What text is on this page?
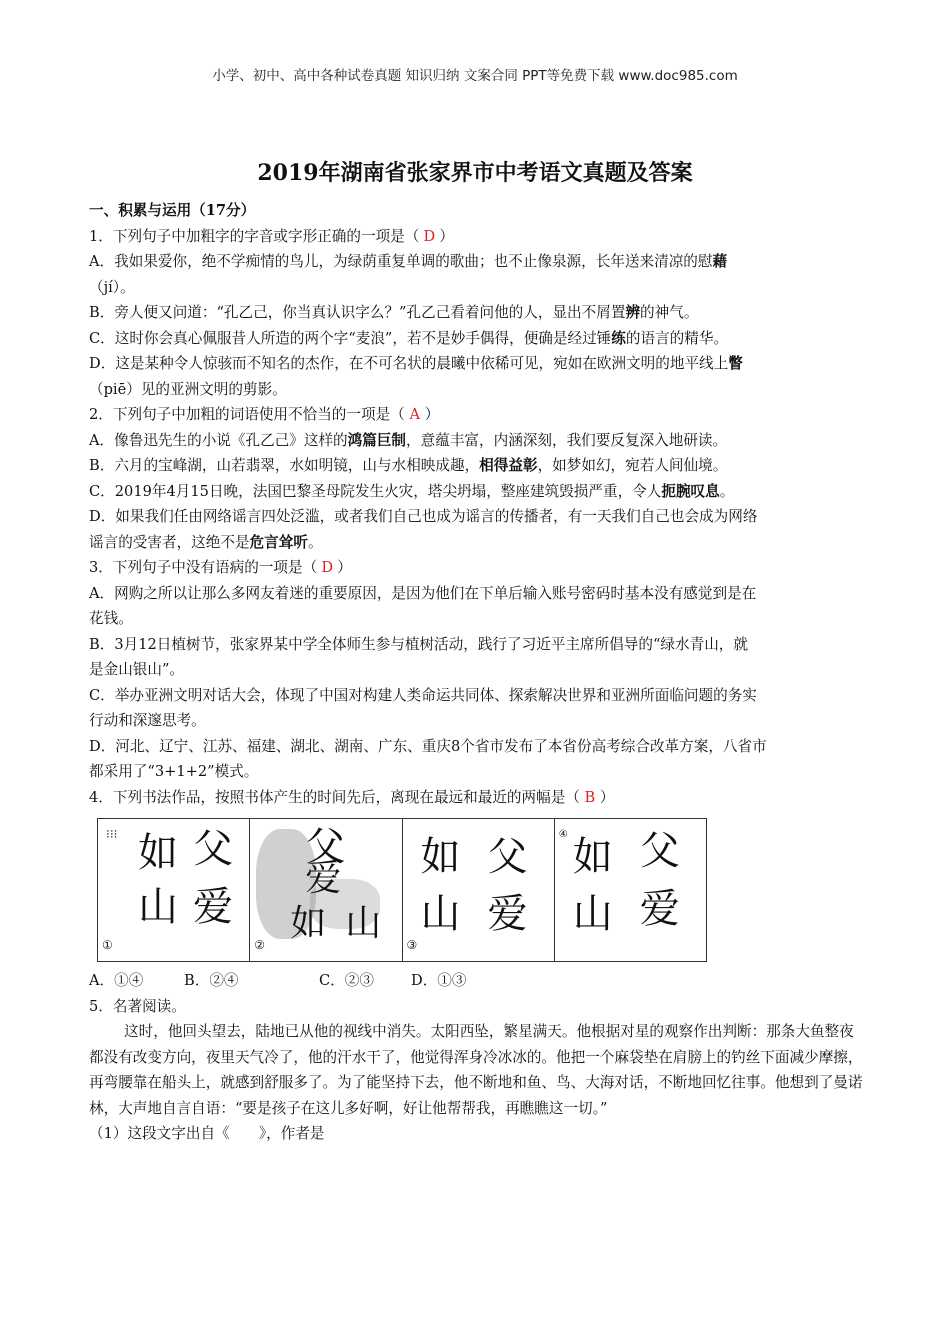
小学、初中、高中各种试卷真题 知识归纳 文案合同 PPT等免费下载 www.doc985.com
2019年湖南省张家界市中考语文真题及答案
一、积累与运用（17分）
1．下列句子中加粗字的字音或字形正确的一项是（ D ）
A．我如果爱你，绝不学痴情的鸟儿，为绿荫重复单调的歌曲；也不止像泉源，长年送来清凉的慰藉
（jí）。
B．旁人便又问道：“孔乙己，你当真认识字么？”孔乙己看着问他的人，显出不屑置辨的神气。
C．这时你会真心佩服昔人所造的两个字“麦浪”，若不是妙手偶得，便确是经过锤练的语言的精华。
D．这是某种令人惊骇而不知名的杰作，在不可名状的晨曦中依稀可见，宛如在欧洲文明的地平线上瞥
（piē）见的亚洲文明的剪影。
2．下列句子中加粗的词语使用不恰当的一项是（ A ）
A．像鲁迅先生的小说《孔乙己》这样的鸿篇巨制，意蕴丰富，内涵深刻，我们要反复深入地研读。
B．六月的宝峰湖，山若翡翠，水如明镜，山与水相映成趣，相得益彰，如梦如幻，宛若人间仙境。
C．2019年4月15日晚，法国巴黎圣母院发生火灾，塔尖坍塌，整座建筑毁损严重，令人扼腕叹息。
D．如果我们任由网络谣言四处泛滥，或者我们自己也成为谣言的传播者，有一天我们自己也会成为网络
谣言的受害者，这绝不是危言耸听。
3．下列句子中没有语病的一项是（ D ）
A．网购之所以让那么多网友着迷的重要原因，是因为他们在下单后输入账号密码时基本没有感觉到是在
花钱。
B．3月12日植树节，张家界某中学全体师生参与植树活动，践行了习近平主席所倡导的“绿水青山，就
是金山银山”。
C．举办亚洲文明对话大会，体现了中国对构建人类命运共同体、探索解决世界和亚洲所面临问题的务实
行动和深邃思考。
D．河北、辽宁、江苏、福建、湖北、湖南、广东、重庆8个省市发布了本省份高考综合改革方案，八省市
都采用了“3+1+2”模式。
4．下列书法作品，按照书体产生的时间先后，离现在最远和最近的两幅是（ B ）
⁝⁝⁝ 如 父
山 爱
①
父
爱
如 山
②
如 父
山 爱
③
如 父
山 爱
④
A．①④	B．②④	C．②③	D．①③
5．名著阅读。
这时，他回头望去，陆地已从他的视线中消失。太阳西坠，繁星满天。他根据对星的观察作出判断：那条大鱼整夜都没有改变方向，夜里天气冷了，他的汗水干了，他觉得浑身冷冰冰的。他把一个麻袋垫在肩膀上的钓丝下面减少摩擦，再弯腰靠在船头上，就感到舒服多了。为了能坚持下去，他不断地和鱼、鸟、大海对话，不断地回忆往事。他想到了曼诺林，大声地自言自语：“要是孩子在这儿多好啊，好让他帮帮我，再瞧瞧这一切。”
（1）这段文字出自《　　》，作者是
